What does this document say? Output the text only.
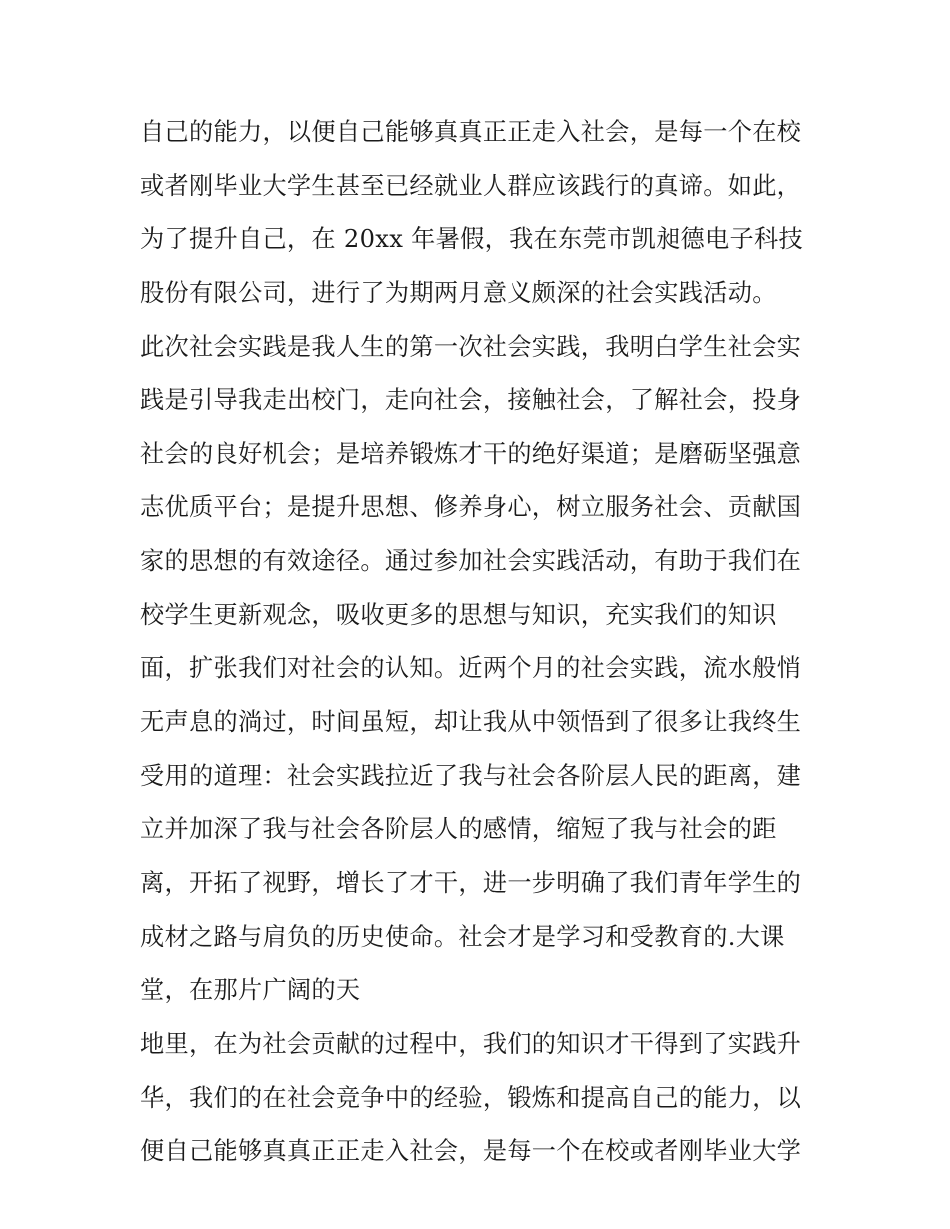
自己的能力，以便自己能够真真正正走入社会，是每一个在校
或者刚毕业大学生甚至已经就业人群应该践行的真谛。如此，
为了提升自己，在 20xx 年暑假，我在东莞市凯昶德电子科技
股份有限公司，进行了为期两月意义颇深的社会实践活动。
此次社会实践是我人生的第一次社会实践，我明白学生社会实
践是引导我走出校门，走向社会，接触社会，了解社会，投身
社会的良好机会；是培养锻炼才干的绝好渠道；是磨砺坚强意
志优质平台；是提升思想、修养身心，树立服务社会、贡献国
家的思想的有效途径。通过参加社会实践活动，有助于我们在
校学生更新观念，吸收更多的思想与知识，充实我们的知识
面，扩张我们对社会的认知。近两个月的社会实践，流水般悄
无声息的淌过，时间虽短，却让我从中领悟到了很多让我终生
受用的道理：社会实践拉近了我与社会各阶层人民的距离，建
立并加深了我与社会各阶层人的感情，缩短了我与社会的距
离，开拓了视野，增长了才干，进一步明确了我们青年学生的
成材之路与肩负的历史使命。社会才是学习和受教育的.大课
堂，在那片广阔的天
地里，在为社会贡献的过程中，我们的知识才干得到了实践升
华，我们的在社会竞争中的经验，锻炼和提高自己的能力，以
便自己能够真真正正走入社会，是每一个在校或者刚毕业大学
